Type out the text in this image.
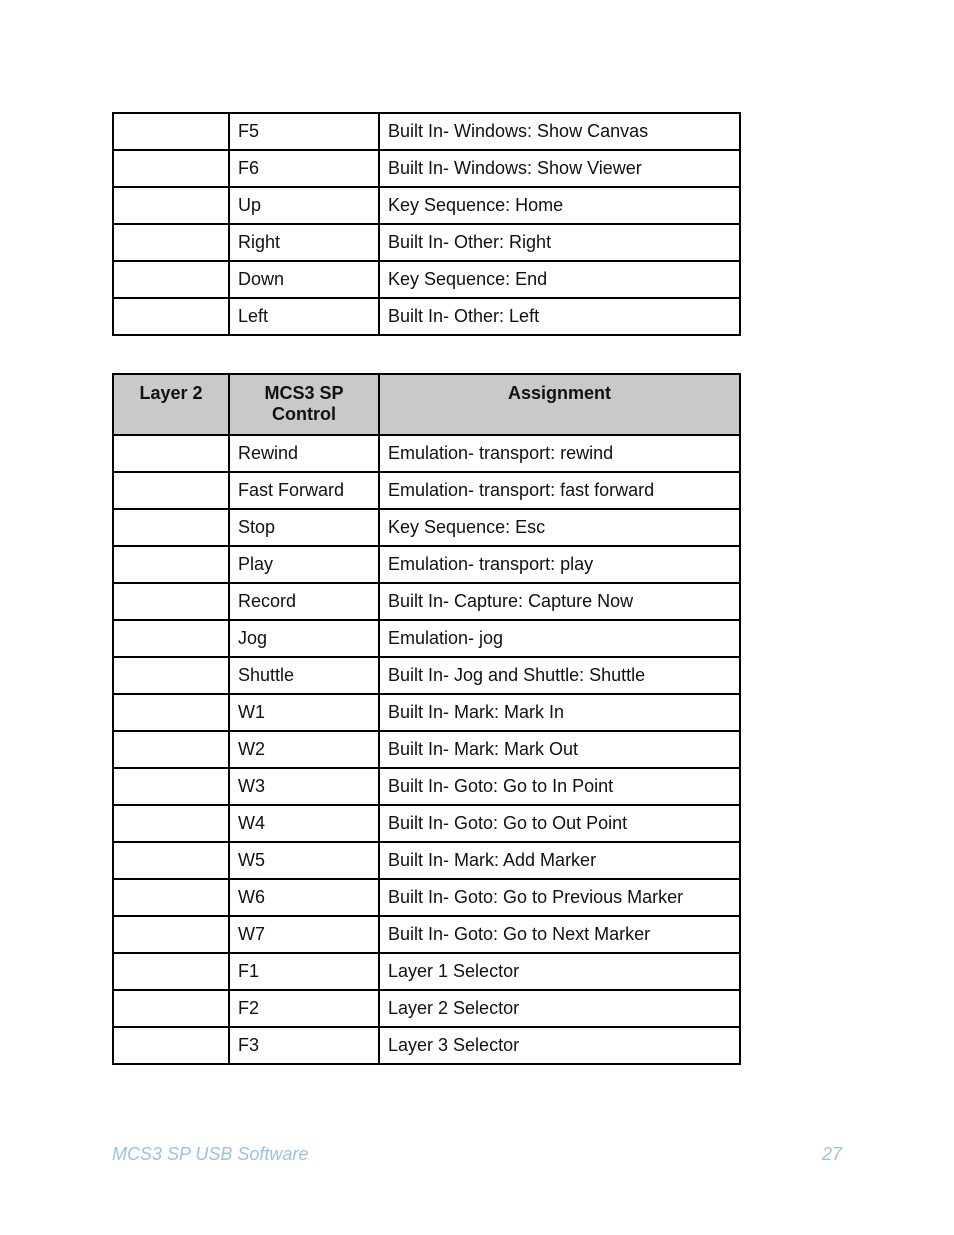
	F5	Built In- Windows: Show Canvas
	F6	Built In- Windows: Show Viewer
	Up	Key Sequence: Home
	Right	Built In- Other: Right
	Down	Key Sequence: End
	Left	Built In- Other: Left
Layer 2	MCS3 SP Control	Assignment
	Rewind	Emulation- transport: rewind
	Fast Forward	Emulation- transport: fast forward
	Stop	Key Sequence: Esc
	Play	Emulation- transport: play
	Record	Built In- Capture: Capture Now
	Jog	Emulation- jog
	Shuttle	Built In- Jog and Shuttle: Shuttle
	W1	Built In- Mark: Mark In
	W2	Built In- Mark: Mark Out
	W3	Built In- Goto: Go to In Point
	W4	Built In- Goto: Go to Out Point
	W5	Built In- Mark: Add Marker
	W6	Built In- Goto: Go to Previous Marker
	W7	Built In- Goto: Go to Next Marker
	F1	Layer 1 Selector
	F2	Layer 2 Selector
	F3	Layer 3 Selector
MCS3 SP USB Software	27
